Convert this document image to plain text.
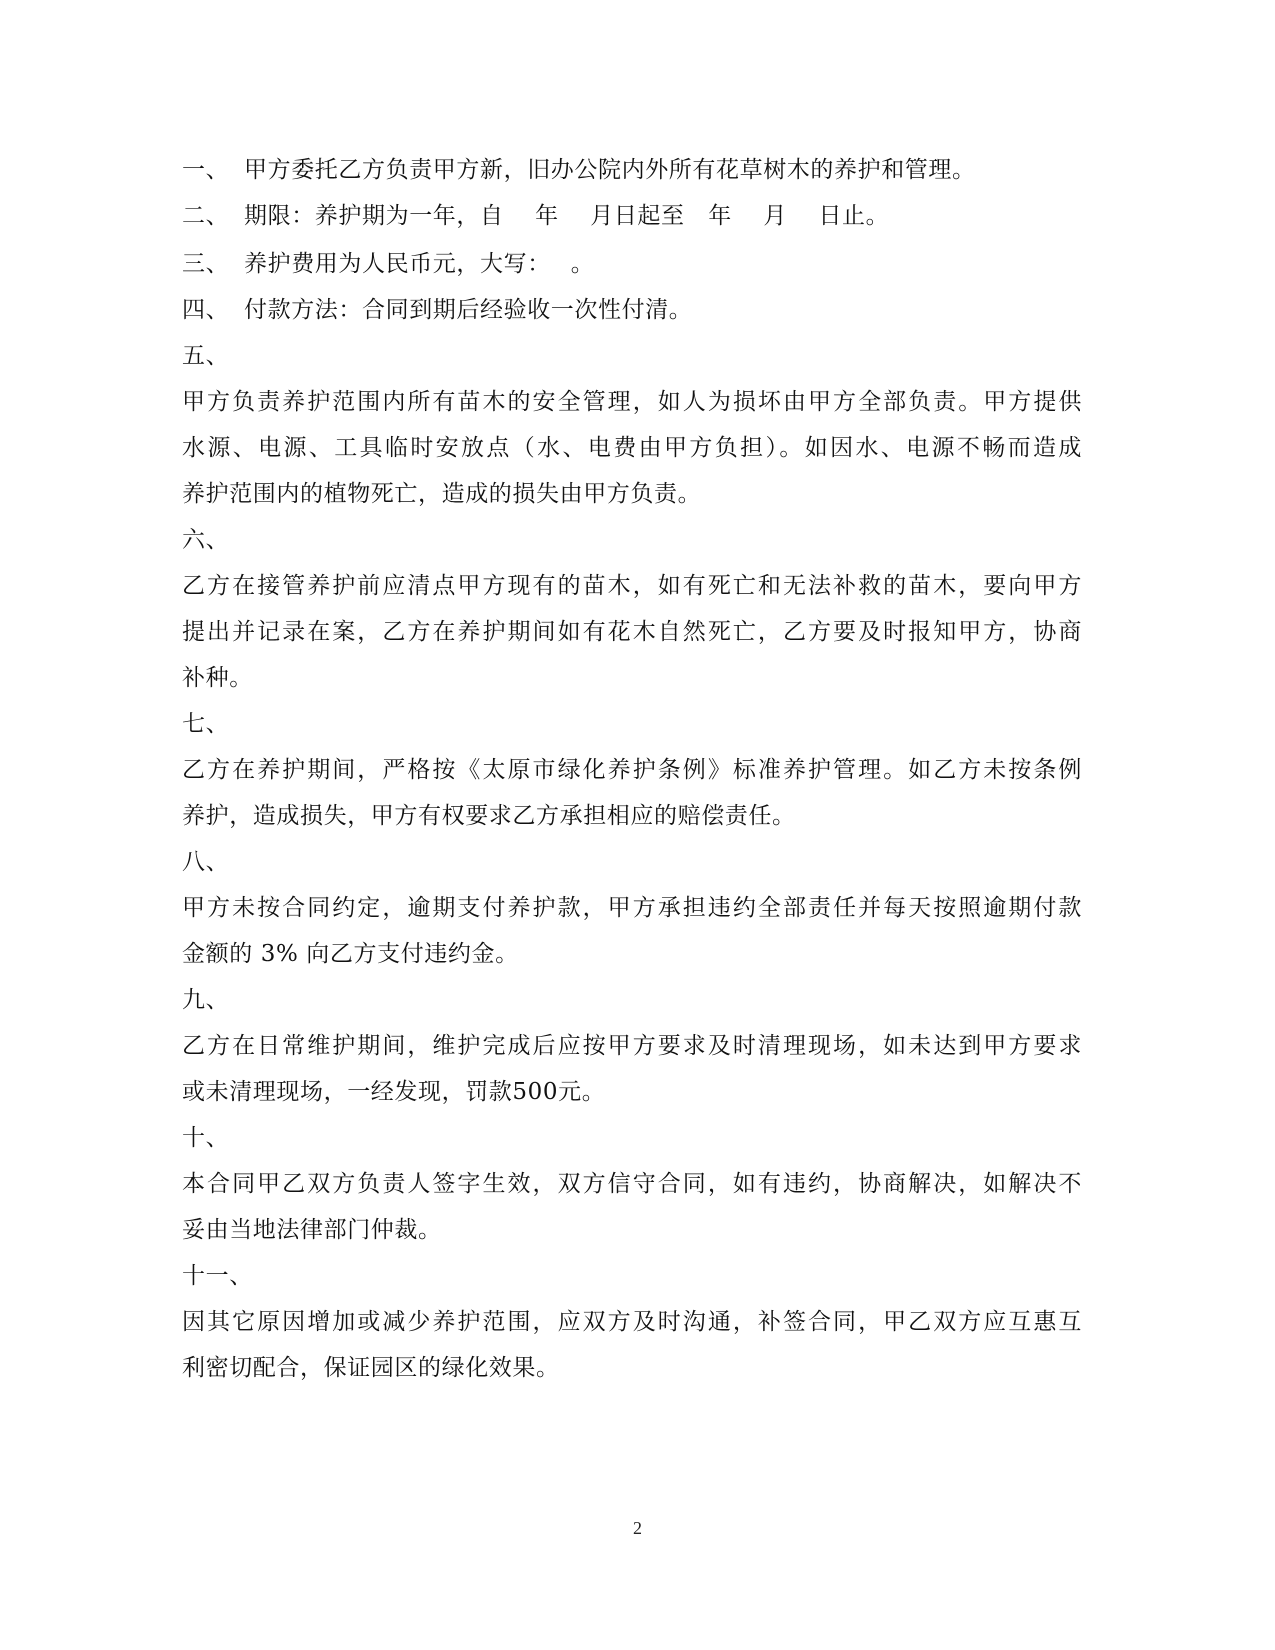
一、 甲方委托乙方负责甲方新，旧办公院内外所有花草树木的养护和管理。
二、 期限：养护期为一年，自　 年　 月日起至　年　 月　 日止。
三、 养护费用为人民币元，大写：　 。
四、 付款方法：合同到期后经验收一次性付清。
五、
甲方负责养护范围内所有苗木的安全管理，如人为损坏由甲方全部负责。甲方提供
水源、电源、工具临时安放点（水、电费由甲方负担）。如因水、电源不畅而造成
养护范围内的植物死亡，造成的损失由甲方负责。
六、
乙方在接管养护前应清点甲方现有的苗木，如有死亡和无法补救的苗木，要向甲方
提出并记录在案，乙方在养护期间如有花木自然死亡，乙方要及时报知甲方，协商
补种。
七、
乙方在养护期间，严格按《太原市绿化养护条例》标准养护管理。如乙方未按条例
养护，造成损失，甲方有权要求乙方承担相应的赔偿责任。
八、
甲方未按合同约定，逾期支付养护款，甲方承担违约全部责任并每天按照逾期付款
金额的 3% 向乙方支付违约金。
九、
乙方在日常维护期间，维护完成后应按甲方要求及时清理现场，如未达到甲方要求
或未清理现场，一经发现，罚款500元。
十、
本合同甲乙双方负责人签字生效，双方信守合同，如有违约，协商解决，如解决不
妥由当地法律部门仲裁。
十一、
因其它原因增加或减少养护范围，应双方及时沟通，补签合同，甲乙双方应互惠互
利密切配合，保证园区的绿化效果。
2
